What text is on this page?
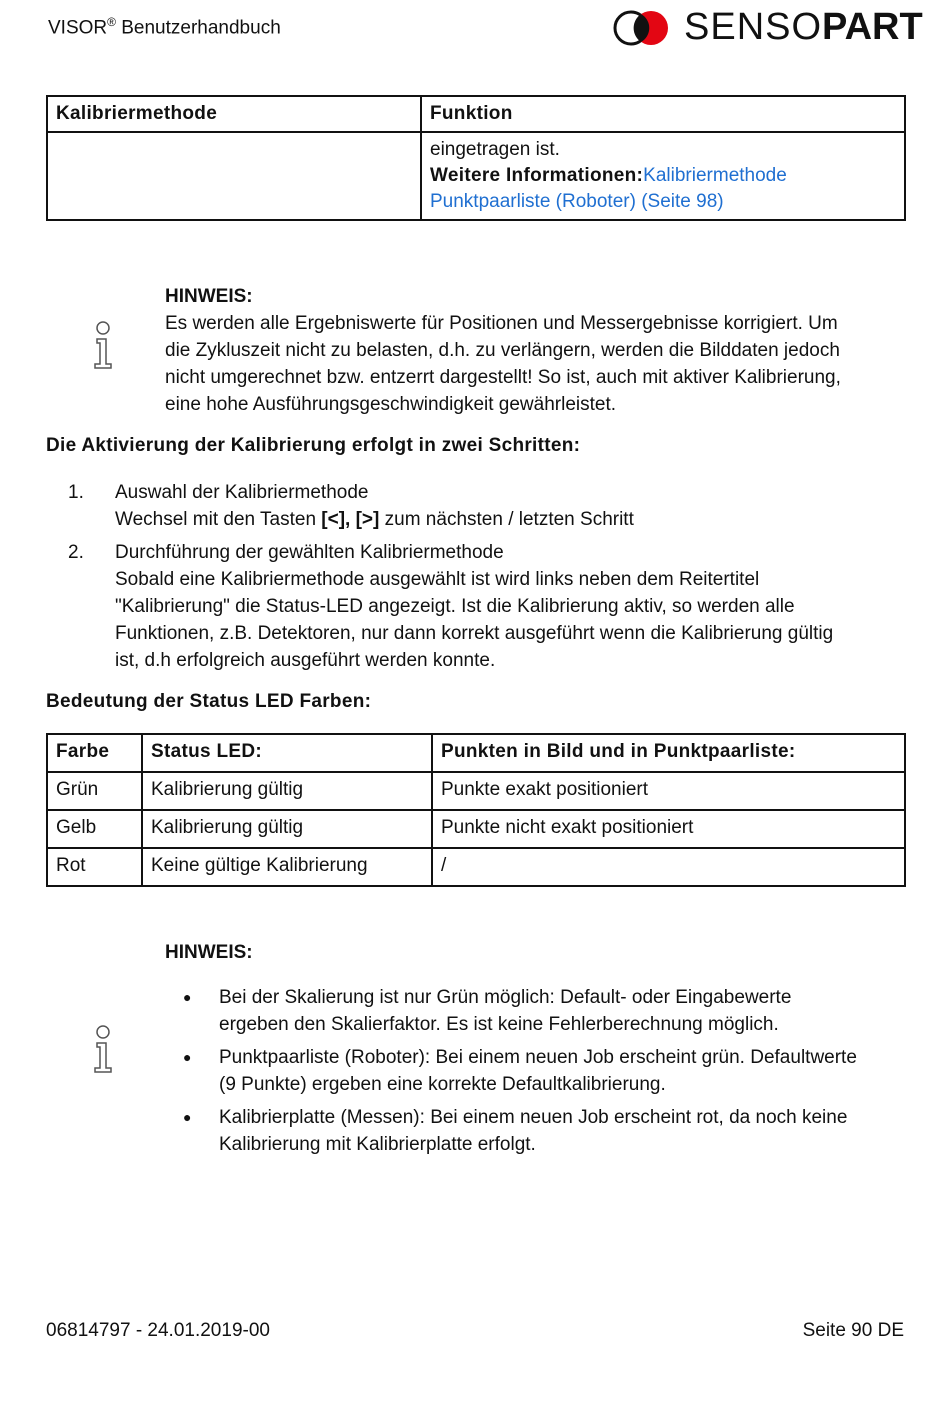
VISOR® Benutzerhandbuch	SENSOPART
Kalibriermethode	Funktion

	eingetragen ist.
Weitere Informationen:Kalibriermethode
Punktpaarliste (Roboter) (Seite 98)
HINWEIS:
Es werden alle Ergebniswerte für Positionen und Messergebnisse korrigiert. Um
die Zykluszeit nicht zu belasten, d.h. zu verlängern, werden die Bilddaten jedoch
nicht umgerechnet bzw. entzerrt dargestellt! So ist, auch mit aktiver Kalibrierung,
eine hohe Ausführungsgeschwindigkeit gewährleistet.
Die Aktivierung der Kalibrierung erfolgt in zwei Schritten:
1. Auswahl der Kalibriermethode
Wechsel mit den Tasten [<], [>] zum nächsten / letzten Schritt
2. Durchführung der gewählten Kalibriermethode
Sobald eine Kalibriermethode ausgewählt ist wird links neben dem Reitertitel
"Kalibrierung" die Status-LED angezeigt. Ist die Kalibrierung aktiv, so werden alle
Funktionen, z.B. Detektoren, nur dann korrekt ausgeführt wenn die Kalibrierung gültig
ist, d.h erfolgreich ausgeführt werden konnte.
Bedeutung der Status LED Farben:
Farbe	Status LED:	Punkten in Bild und in Punktpaarliste:
Grün	Kalibrierung gültig	Punkte exakt positioniert
Gelb	Kalibrierung gültig	Punkte nicht exakt positioniert
Rot	Keine gültige Kalibrierung	/
HINWEIS:
● Bei der Skalierung ist nur Grün möglich: Default- oder Eingabewerte
ergeben den Skalierfaktor. Es ist keine Fehlerberechnung möglich.
● Punktpaarliste (Roboter): Bei einem neuen Job erscheint grün. Defaultwerte
(9 Punkte) ergeben eine korrekte Defaultkalibrierung.
● Kalibrierplatte (Messen): Bei einem neuen Job erscheint rot, da noch keine
Kalibrierung mit Kalibrierplatte erfolgt.
06814797 - 24.01.2019-00	Seite 90 DE
